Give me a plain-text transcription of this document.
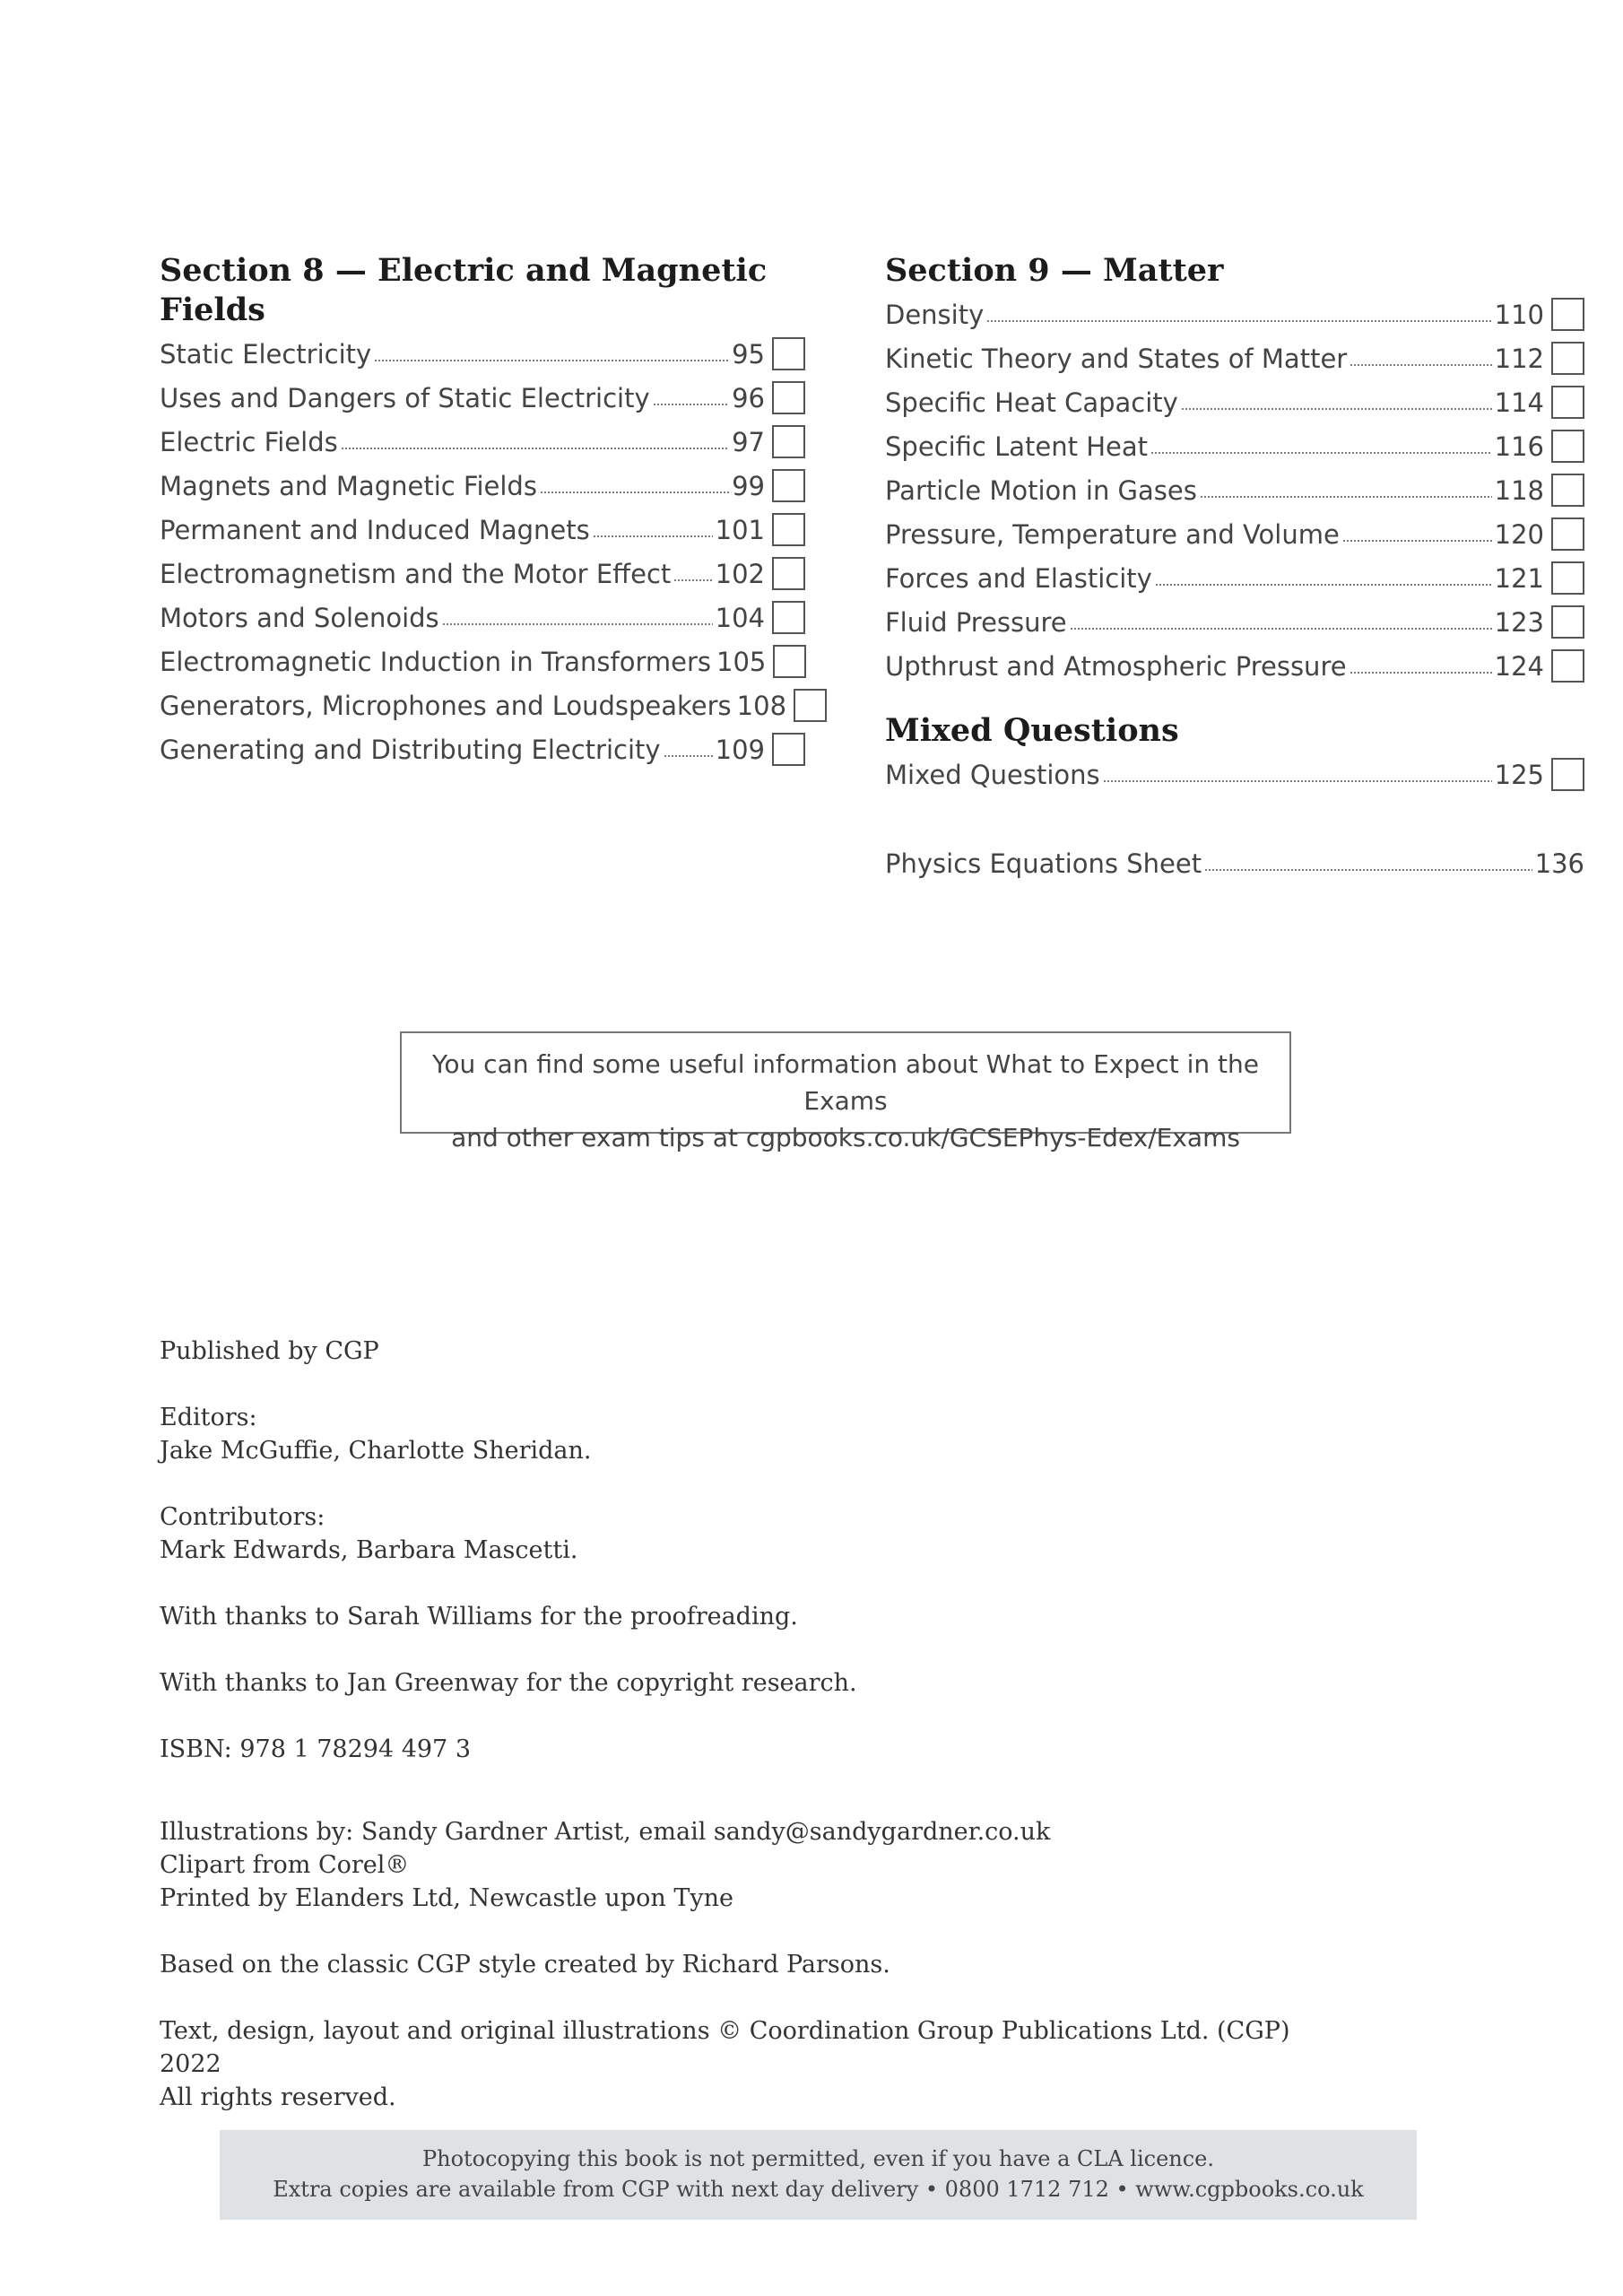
Section 8 — Electric and Magnetic
Fields
Static Electricity	95
Uses and Dangers of Static Electricity	96
Electric Fields	97
Magnets and Magnetic Fields	99
Permanent and Induced Magnets	101
Electromagnetism and the Motor Effect 102
Motors and Solenoids	104
Electromagnetic Induction in Transformers 105
Generators, Microphones and Loudspeakers 108
Generating and Distributing Electricity 109
Section 9 — Matter
Density	110
Kinetic Theory and States of Matter	112
Specific Heat Capacity	114
Specific Latent Heat	116
Particle Motion in Gases	118
Pressure, Temperature and Volume	120
Forces and Elasticity	121
Fluid Pressure	123
Upthrust and Atmospheric Pressure	124
Mixed Questions
Mixed Questions	125
Physics Equations Sheet	136
You can find some useful information about What to Expect in the Exams
and other exam tips at cgpbooks.co.uk/GCSEPhys-Edex/Exams

Published by CGP

Editors:
Jake McGuffie, Charlotte Sheridan.

Contributors:
Mark Edwards, Barbara Mascetti.

With thanks to Sarah Williams for the proofreading.

With thanks to Jan Greenway for the copyright research.

ISBN: 978 1 78294 497 3

Illustrations by: Sandy Gardner Artist, email sandy@sandygardner.co.uk
Clipart from Corel®
Printed by Elanders Ltd, Newcastle upon Tyne

Based on the classic CGP style created by Richard Parsons.

Text, design, layout and original illustrations © Coordination Group Publications Ltd. (CGP) 2022
All rights reserved.

Photocopying this book is not permitted, even if you have a CLA licence.
Extra copies are available from CGP with next day delivery • 0800 1712 712 • www.cgpbooks.co.uk
